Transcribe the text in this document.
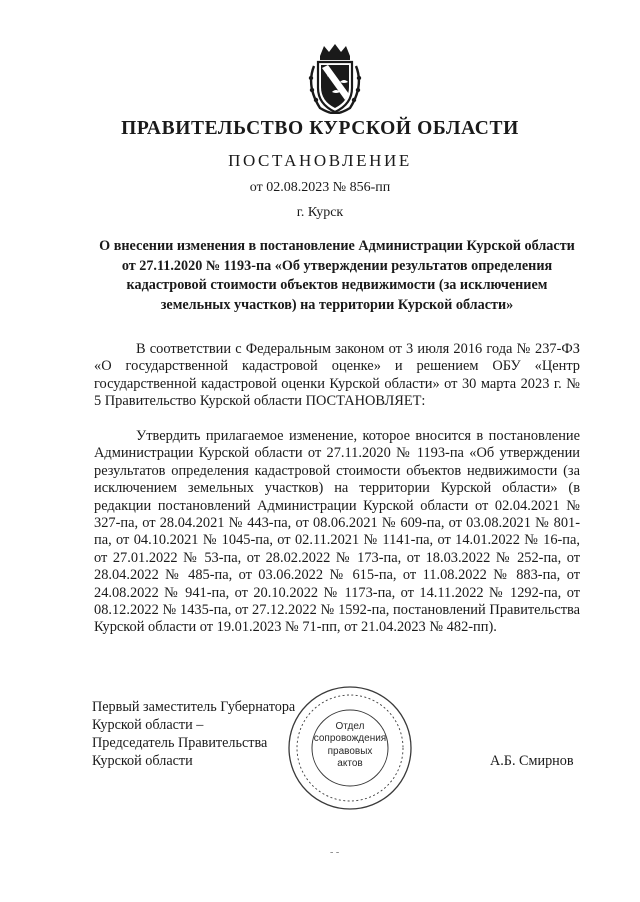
ПРАВИТЕЛЬСТВО КУРСКОЙ ОБЛАСТИ
ПОСТАНОВЛЕНИЕ
от 02.08.2023 № 856-пп
г. Курск
О внесении изменения в постановление Администрации Курской области от 27.11.2020 № 1193-па «Об утверждении результатов определения кадастровой стоимости объектов недвижимости (за исключением земельных участков) на территории Курской области»
В соответствии с Федеральным законом от 3 июля 2016 года № 237-ФЗ «О государственной кадастровой оценке» и решением ОБУ «Центр государственной кадастровой оценки Курской области» от 30 марта 2023 г. № 5 Правительство Курской области ПОСТАНОВЛЯЕТ:
Утвердить прилагаемое изменение, которое вносится в постановление Администрации Курской области от 27.11.2020 № 1193-па «Об утверждении результатов определения кадастровой стоимости объектов недвижимости (за исключением земельных участков) на территории Курской области» (в редакции постановлений Администрации Курской области от 02.04.2021 № 327-па, от 28.04.2021 № 443-па, от 08.06.2021 № 609-па, от 03.08.2021 № 801-па, от 04.10.2021 № 1045-па, от 02.11.2021 № 1141-па, от 14.01.2022 № 16-па, от 27.01.2022 № 53-па, от 28.02.2022 № 173-па, от 18.03.2022 № 252-па, от 28.04.2022 № 485-па, от 03.06.2022 № 615-па, от 11.08.2022 № 883-па, от 24.08.2022 № 941-па, от 20.10.2022 № 1173-па, от 14.11.2022 № 1292-па, от 08.12.2022 № 1435-па, от 27.12.2022 № 1592-па, постановлений Правительства Курской области от 19.01.2023 № 71-пп, от 21.04.2023 № 482-пп).
Первый заместитель Губернатора
Курской области –
Председатель Правительства
Курской области
Отдел
сопровождения
правовых
актов	А.Б. Смирнов
- -
